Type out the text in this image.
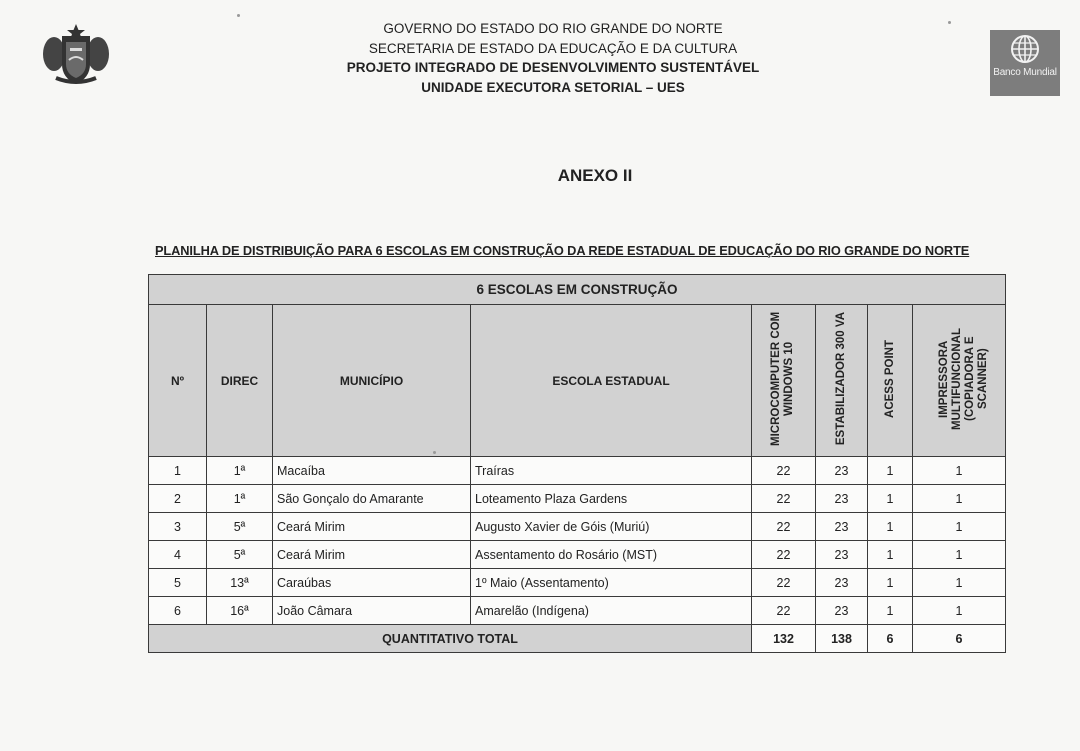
GOVERNO DO ESTADO DO RIO GRANDE DO NORTE
SECRETARIA DE ESTADO DA EDUCAÇÃO E DA CULTURA
PROJETO INTEGRADO DE DESENVOLVIMENTO SUSTENTÁVEL
UNIDADE EXECUTORA SETORIAL – UES
Banco Mundial
ANEXO II
PLANILHA DE DISTRIBUIÇÃO PARA 6 ESCOLAS EM CONSTRUÇÃO DA REDE ESTADUAL DE EDUCAÇÃO DO RIO GRANDE DO NORTE
6 ESCOLAS EM CONSTRUÇÃO							
Nº	DIREC	MUNICÍPIO	ESCOLA ESTADUAL	MICROCOMPUTER COM WINDOWS 10	ESTABILIZADOR 300 VA	ACESS POINT	IMPRESSORA MULTIFUNCIONAL (COPIADORA E SCANNER)
1	1ª	Macaíba	Traíras	22	23	1	1
2	1ª	São Gonçalo do Amarante	Loteamento Plaza Gardens	22	23	1	1
3	5ª	Ceará Mirim	Augusto Xavier de Góis (Muriú)	22	23	1	1
4	5ª	Ceará Mirim	Assentamento do Rosário (MST)	22	23	1	1
5	13ª	Caraúbas	1º Maio (Assentamento)	22	23	1	1
6	16ª	João Câmara	Amarelão (Indígena)	22	23	1	1
QUANTITATIVO TOTAL				132	138	6	6
